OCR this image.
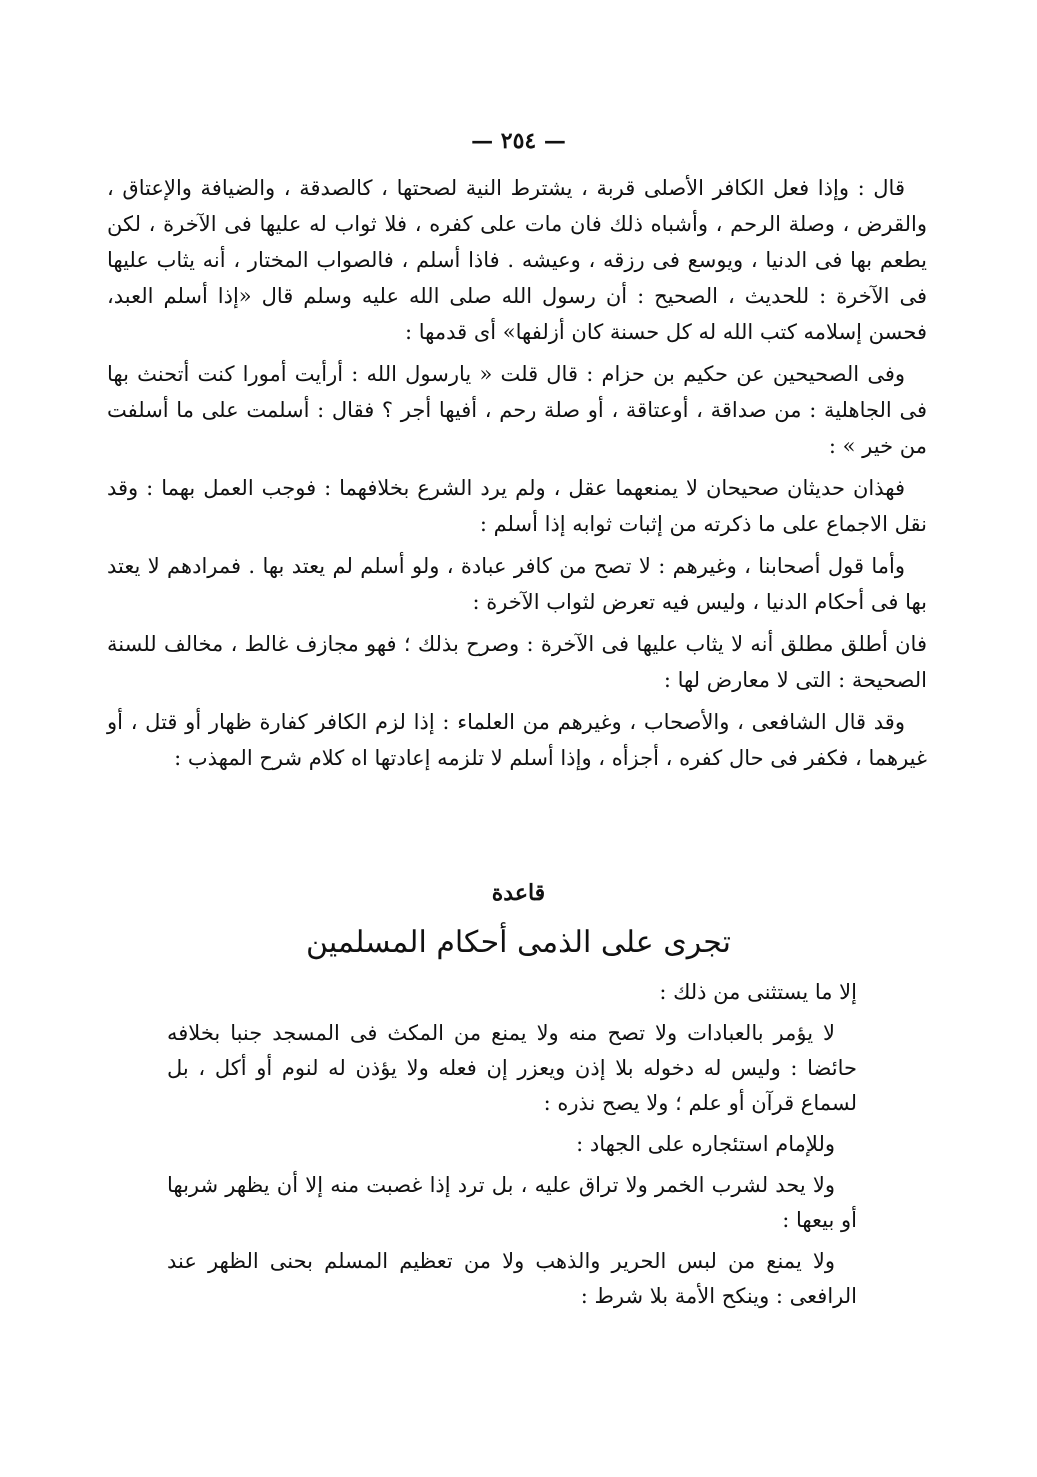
— ٢٥٤ —

قال : وإذا فعل الكافر الأصلى قربة ، يشترط النية لصحتها ، كالصدقة ، والضيافة والإعتاق ، والقرض ، وصلة الرحم ، وأشباه ذلك فان مات على كفره ، فلا ثواب له عليها فى الآخرة ، لكن يطعم بها فى الدنيا ، ويوسع فى رزقه ، وعيشه . فاذا أسلم ، فالصواب المختار ، أنه يثاب عليها فى الآخرة : للحديث ، الصحيح : أن رسول الله صلى الله عليه وسلم قال «إذا أسلم العبد، فحسن إسلامه كتب الله له كل حسنة كان أزلفها» أى قدمها :

وفى الصحيحين عن حكيم بن حزام : قال قلت « يارسول الله : أرأيت أمورا كنت أتحنث بها فى الجاهلية : من صداقة ، أوعتاقة ، أو صلة رحم ، أفيها أجر ؟ فقال : أسلمت على ما أسلفت من خير » :

فهذان حديثان صحيحان لا يمنعهما عقل ، ولم يرد الشرع بخلافهما : فوجب العمل بهما : وقد نقل الاجماع على ما ذكرته من إثبات ثوابه إذا أسلم :

وأما قول أصحابنا ، وغيرهم : لا تصح من كافر عبادة ، ولو أسلم لم يعتد بها . فمرادهم لا يعتد بها فى أحكام الدنيا ، وليس فيه تعرض لثواب الآخرة :

فان أطلق مطلق أنه لا يثاب عليها فى الآخرة : وصرح بذلك ؛ فهو مجازف غالط ، مخالف للسنة الصحيحة : التى لا معارض لها :

وقد قال الشافعى ، والأصحاب ، وغيرهم من العلماء : إذا لزم الكافر كفارة ظهار أو قتل ، أو غيرهما ، فكفر فى حال كفره ، أجزأه ، وإذا أسلم لا تلزمه إعادتها اه كلام شرح المهذب :

قاعدة
تجرى على الذمى أحكام المسلمين

إلا ما يستثنى من ذلك :

لا يؤمر بالعبادات ولا تصح منه ولا يمنع من المكث فى المسجد جنبا بخلافه حائضا : وليس له دخوله بلا إذن ويعزر إن فعله ولا يؤذن له لنوم أو أكل ، بل لسماع قرآن أو علم ؛ ولا يصح نذره :

وللإمام استئجاره على الجهاد :

ولا يحد لشرب الخمر ولا تراق عليه ، بل ترد إذا غصبت منه إلا أن يظهر شربها أو بيعها :

ولا يمنع من لبس الحرير والذهب ولا من تعظيم المسلم بحنى الظهر عند الرافعى : وينكح الأمة بلا شرط :
